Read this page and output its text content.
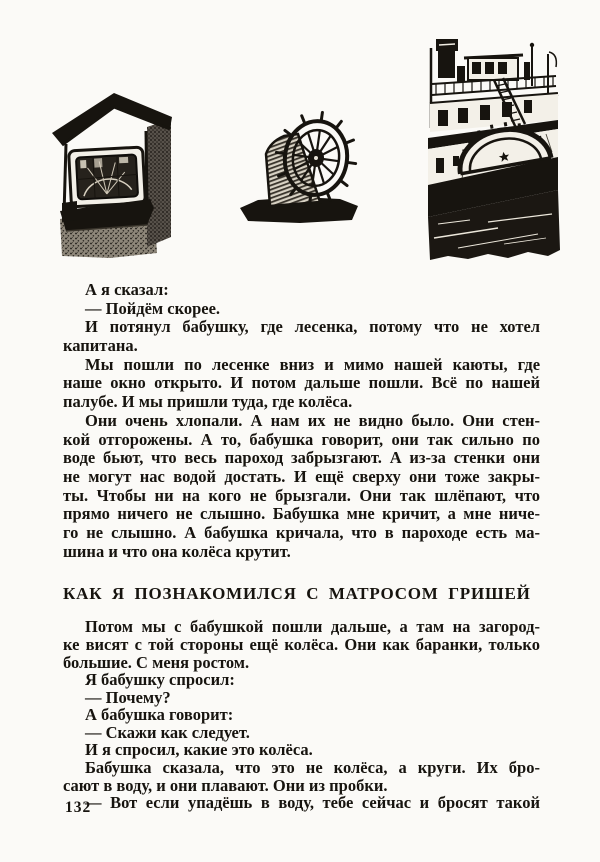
А я сказал:
— Пойдём скорее.
И потянул бабушку, где лесенка, потому что не хотел
капитана.
Мы пошли по лесенке вниз и мимо нашей каюты, где
наше окно открыто. И потом дальше пошли. Всё по нашей
палубе. И мы пришли туда, где колёса.
Они очень хлопали. А нам их не видно было. Они стен-
кой отгорожены. А то, бабушка говорит, они так сильно по
воде бьют, что весь пароход забрызгают. А из-за стенки они
не могут нас водой достать. И ещё сверху они тоже закры-
ты. Чтобы ни на кого не брызгали. Они так шлёпают, что
прямо ничего не слышно. Бабушка мне кричит, а мне ниче-
го не слышно. А бабушка кричала, что в пароходе есть ма-
шина и что она колёса крутит.
КАК Я ПОЗНАКОМИЛСЯ С МАТРОСОМ ГРИШЕЙ
Потом мы с бабушкой пошли дальше, а там на загород-
ке висят с той стороны ещё колёса. Они как баранки, только
большие. С меня ростом.
Я бабушку спросил:
— Почему?
А бабушка говорит:
— Скажи как следует.
И я спросил, какие это колёса.
Бабушка сказала, что это не колёса, а круги. Их бро-
сают в воду, и они плавают. Они из пробки.
— Вот если упадёшь в воду, тебе сейчас и бросят такой
132
